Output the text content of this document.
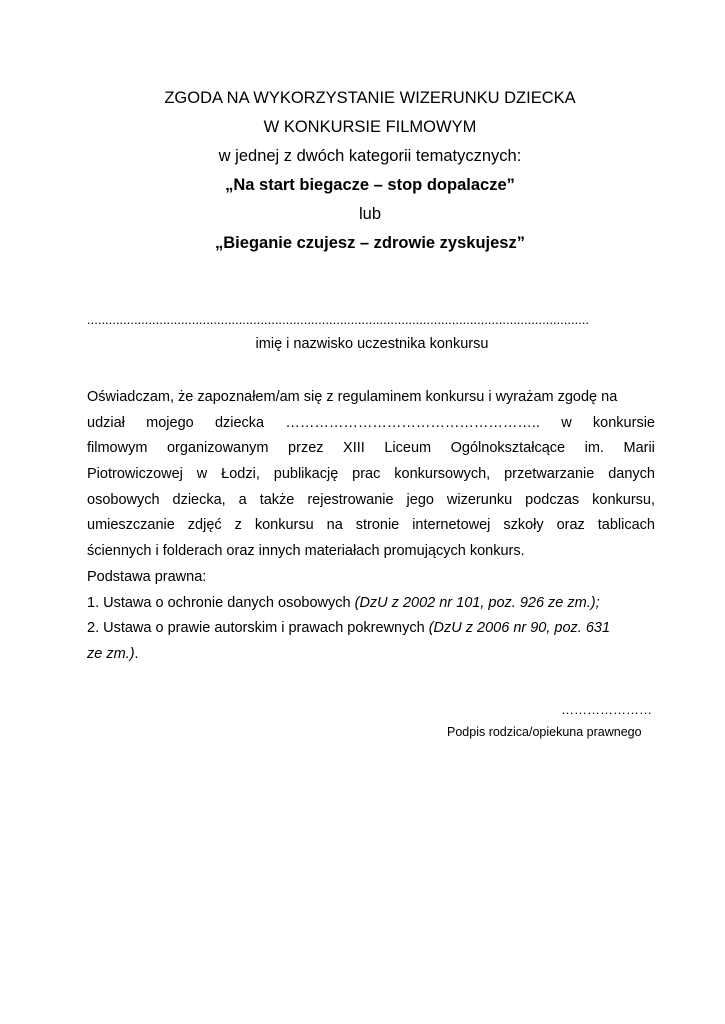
ZGODA NA WYKORZYSTANIE WIZERUNKU DZIECKA
W KONKURSIE FILMOWYM
w jednej z dwóch kategorii tematycznych:
„Na start biegacze – stop dopalacze”
lub
„Bieganie czujesz – zdrowie zyskujesz”
...........................................................................................................................................
imię i nazwisko uczestnika konkursu
Oświadczam, że zapoznałem/am się z regulaminem konkursu i wyrażam zgodę na
udział mojego dziecka …………………………………………….. w konkursie
filmowym organizowanym przez XIII Liceum Ogólnokształcące im. Marii
Piotrowiczowej w Łodzi, publikację prac konkursowych, przetwarzanie danych
osobowych dziecka, a także rejestrowanie jego wizerunku podczas konkursu,
umieszczanie zdjęć z konkursu na stronie internetowej szkoły oraz tablicach
ściennych i folderach oraz innych materiałach promujących konkurs.
Podstawa prawna:
1. Ustawa o ochronie danych osobowych (DzU z 2002 nr 101, poz. 926 ze zm.);
2. Ustawa o prawie autorskim i prawach pokrewnych (DzU z 2006 nr 90, poz. 631
ze zm.).
…………………
Podpis rodzica/opiekuna prawnego
